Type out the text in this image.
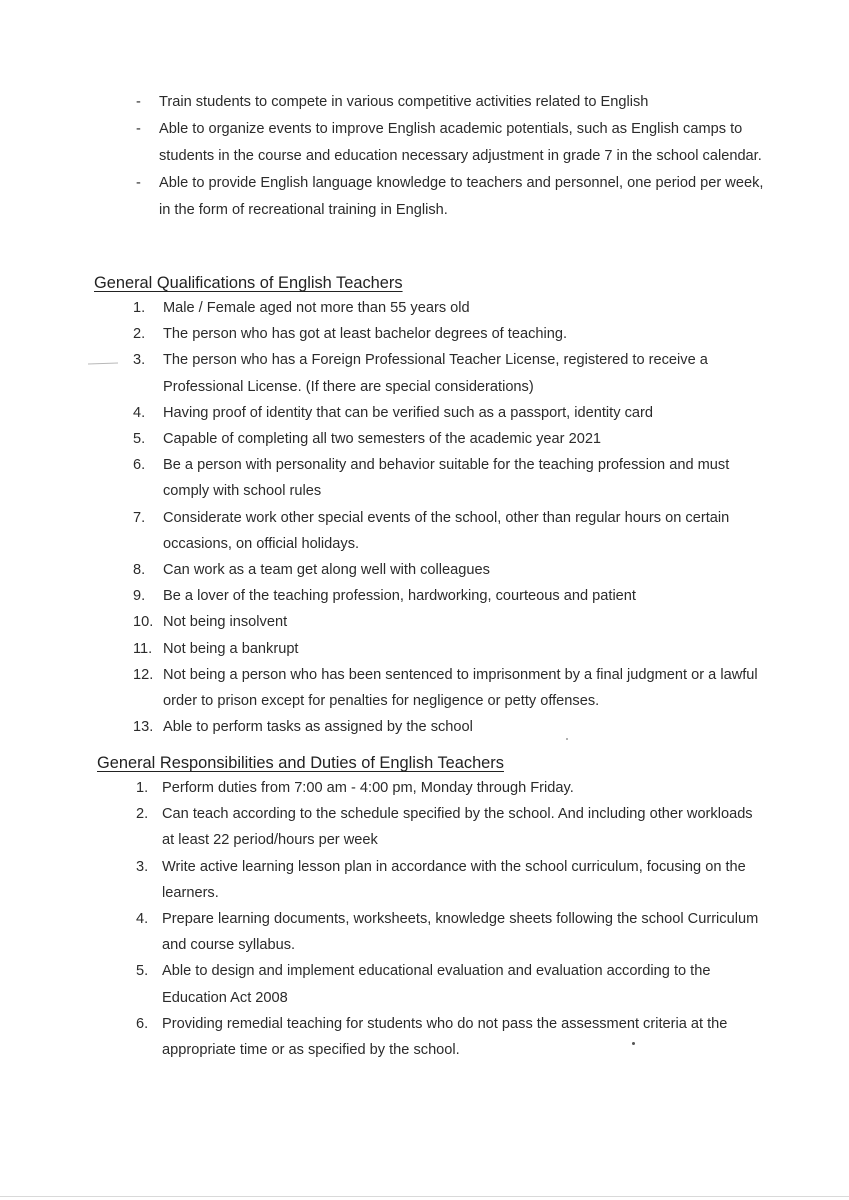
- Train students to compete in various competitive activities related to English
- Able to organize events to improve English academic potentials, such as English camps to students in the course and education necessary adjustment in grade 7 in the school calendar.
- Able to provide English language knowledge to teachers and personnel, one period per week, in the form of recreational training in English.
General Qualifications of English Teachers
1.	Male / Female aged not more than 55 years old
2.	The person who has got at least bachelor degrees of teaching.
3.	The person who has a Foreign Professional Teacher License, registered to receive a Professional License. (If there are special considerations)
4.	Having proof of identity that can be verified such as a passport, identity card
5.	Capable of completing all two semesters of the academic year 2021
6.	Be a person with personality and behavior suitable for the teaching profession and must comply with school rules
7.	Considerate work other special events of the school, other than regular hours on certain occasions, on official holidays.
8.	Can work as a team get along well with colleagues
9.	Be a lover of the teaching profession, hardworking, courteous and patient
10. Not being insolvent
11. Not being a bankrupt
12. Not being a person who has been sentenced to imprisonment by a final judgment or a lawful order to prison except for penalties for negligence or petty offenses.
13. Able to perform tasks as assigned by the school
General Responsibilities and Duties of English Teachers
1. Perform duties from 7:00 am - 4:00 pm, Monday through Friday.
2. Can teach according to the schedule specified by the school. And including other workloads at least 22 period/hours per week
3. Write active learning lesson plan in accordance with the school curriculum, focusing on the learners.
4. Prepare learning documents, worksheets, knowledge sheets following the school Curriculum and course syllabus.
5. Able to design and implement educational evaluation and evaluation according to the Education Act 2008
6. Providing remedial teaching for students who do not pass the assessment criteria at the appropriate time or as specified by the school.
